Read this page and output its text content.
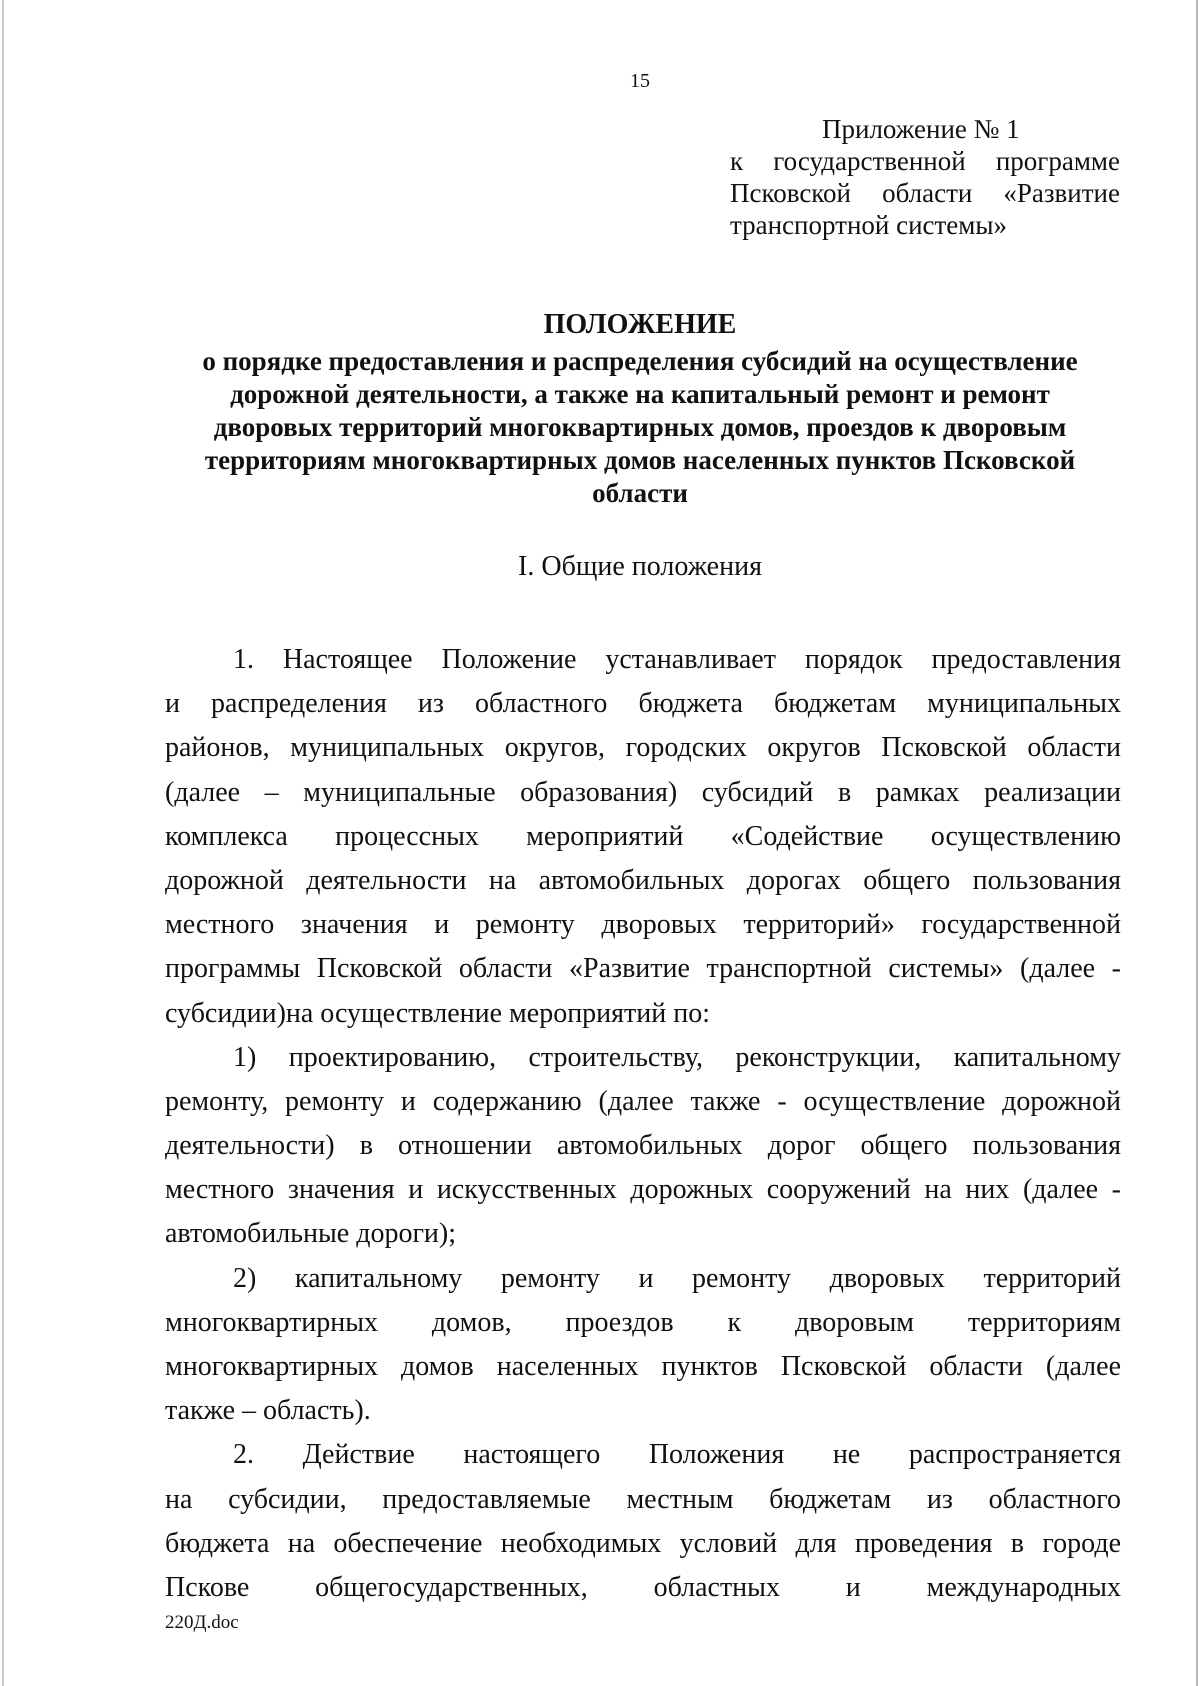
15
Приложение № 1
к государственной программе
Псковской области «Развитие
транспортной системы»
ПОЛОЖЕНИЕ
о порядке предоставления и распределения субсидий на осуществление
дорожной деятельности, а также на капитальный ремонт и ремонт
дворовых территорий многоквартирных домов, проездов к дворовым
территориям многоквартирных домов населенных пунктов Псковской
области
I. Общие положения
1. Настоящее Положение устанавливает порядок предоставления
и распределения из областного бюджета бюджетам муниципальных
районов, муниципальных округов, городских округов Псковской области
(далее – муниципальные образования) субсидий в рамках реализации
комплекса процессных мероприятий «Содействие осуществлению
дорожной деятельности на автомобильных дорогах общего пользования
местного значения и ремонту дворовых территорий» государственной
программы Псковской области «Развитие транспортной системы» (далее -
субсидии)на осуществление мероприятий по:
1) проектированию, строительству, реконструкции, капитальному
ремонту, ремонту и содержанию (далее также - осуществление дорожной
деятельности) в отношении автомобильных дорог общего пользования
местного значения и искусственных дорожных сооружений на них (далее -
автомобильные дороги);
2) капитальному ремонту и ремонту дворовых территорий
многоквартирных домов, проездов к дворовым территориям
многоквартирных домов населенных пунктов Псковской области (далее
также – область).
2. Действие настоящего Положения не распространяется
на субсидии, предоставляемые местным бюджетам из областного
бюджета на обеспечение необходимых условий для проведения в городе
Пскове общегосударственных, областных и международных
220Д.doc
